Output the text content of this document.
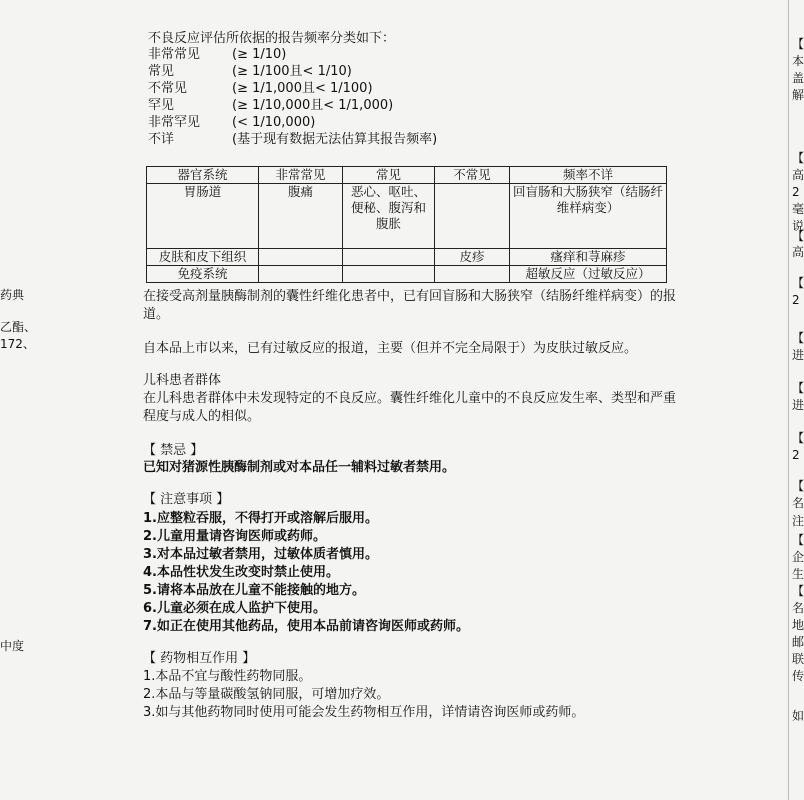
药典
乙酯、
172、
中度
不良反应评估所依据的报告频率分类如下：
非常常见 (≥ 1/10)
常见	(≥ 1/100且< 1/10)
不常见	(≥ 1/1,000且< 1/100)
罕见	(≥ 1/10,000且< 1/1,000)
非常罕见 (< 1/10,000)
不详	(基于现有数据无法估算其报告频率)
器官系统	非常常见	常见	不常见	频率不详
胃肠道	腹痛	恶心、呕吐、便秘、腹泻和腹胀		回盲肠和大肠狭窄（结肠纤维样病变）
皮肤和皮下组织			皮疹	瘙痒和荨麻疹
免疫系统				超敏反应（过敏反应）
在接受高剂量胰酶制剂的囊性纤维化患者中，已有回盲肠和大肠狭窄（结肠纤维样病变）的报道。
自本品上市以来，已有过敏反应的报道，主要（但并不完全局限于）为皮肤过敏反应。
儿科患者群体
在儿科患者群体中未发现特定的不良反应。囊性纤维化儿童中的不良反应发生率、类型和严重程度与成人的相似。
【 禁忌 】
已知对猪源性胰酶制剂或对本品任一辅料过敏者禁用。
【 注意事项 】
1.应整粒吞服，不得打开或溶解后服用。
2.儿童用量请咨询医师或药师。
3.对本品过敏者禁用，过敏体质者慎用。
4.本品性状发生改变时禁止使用。
5.请将本品放在儿童不能接触的地方。
6.儿童必须在成人监护下使用。
7.如正在使用其他药品，使用本品前请咨询医师或药师。
【 药物相互作用 】
1.本品不宜与酸性药物同服。
2.本品与等量碳酸氢钠同服，可增加疗效。
3.如与其他药物同时使用可能会发生药物相互作用，详情请咨询医师或药师。
【
本
盖
解
【
高
2
毫
说
【
高
【
2
【
进
【
进
【
2
【
名
注
【
企
生
【
名
地
邮
联
传
如
